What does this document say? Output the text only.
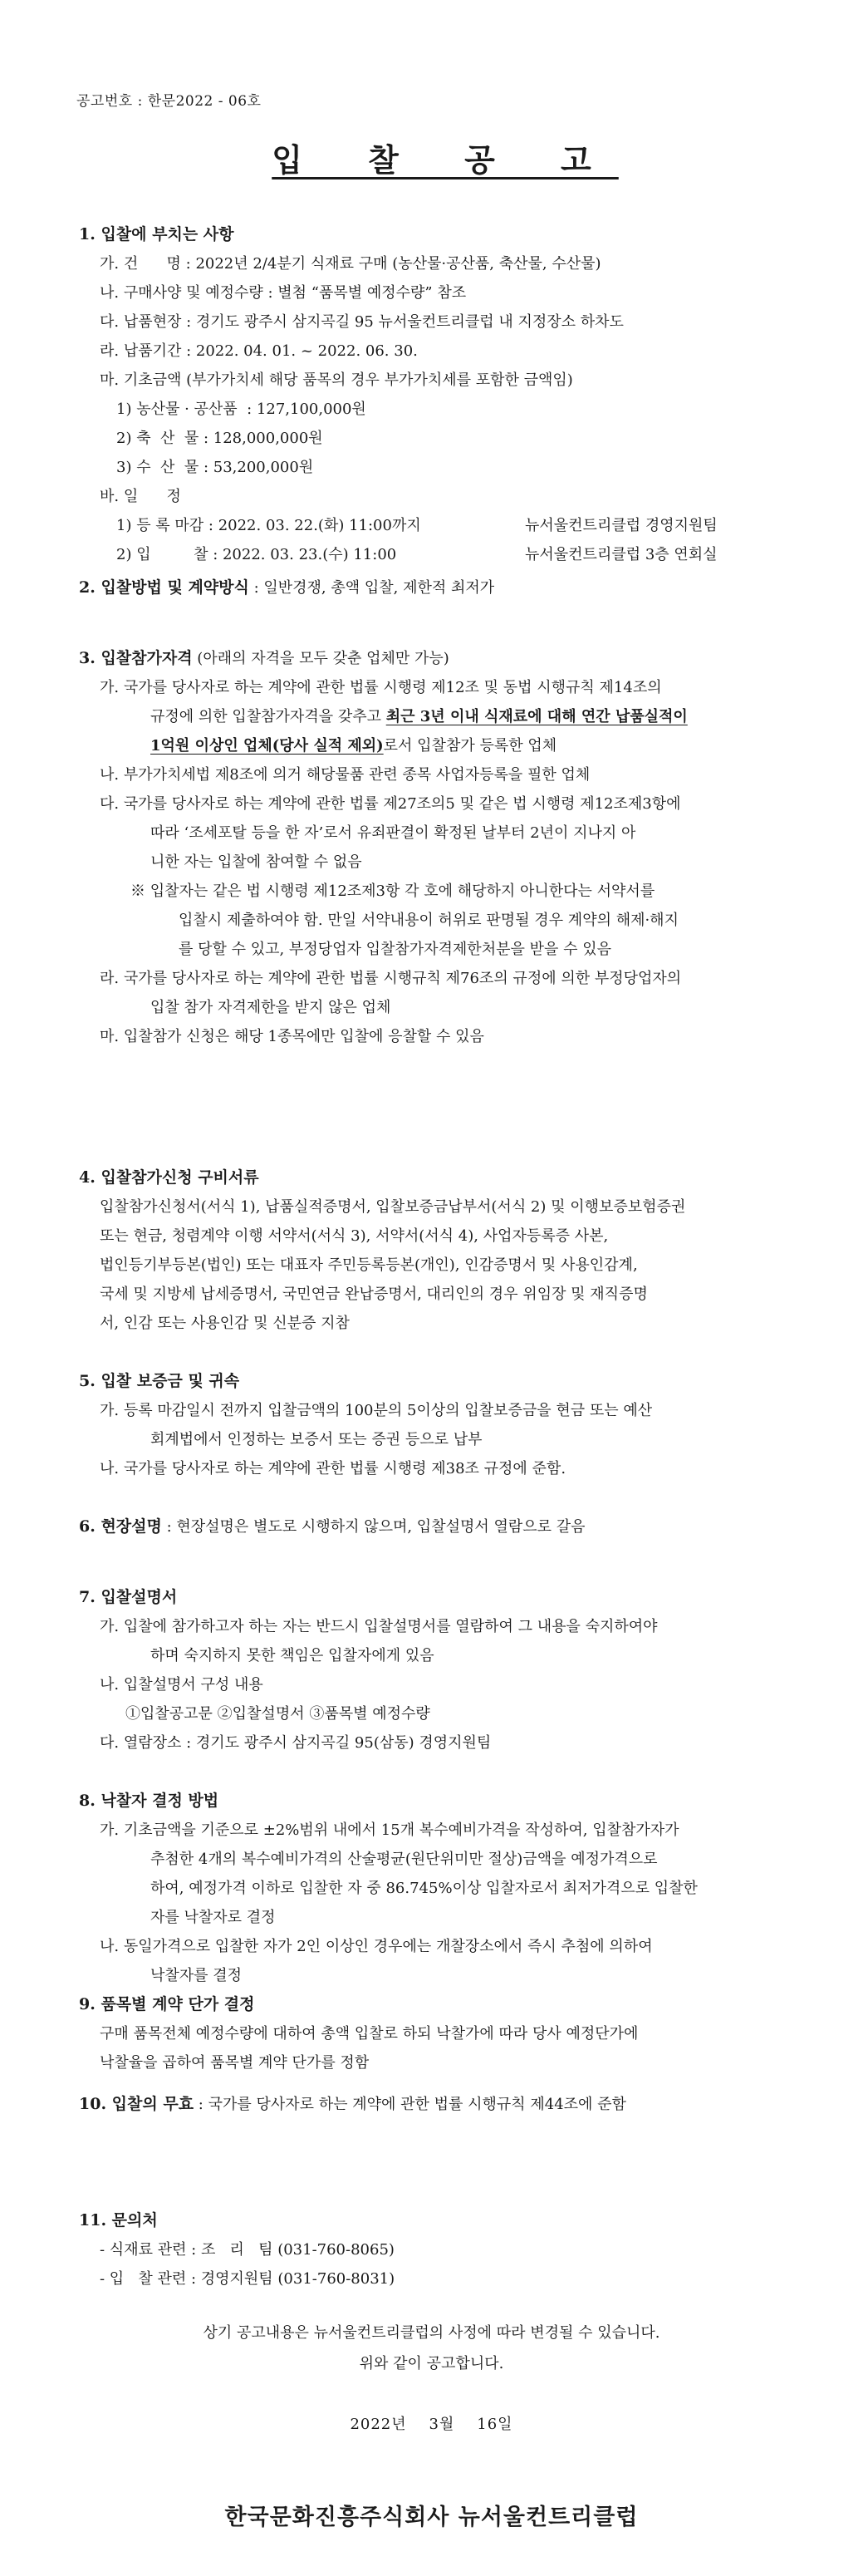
공고번호 : 한문2022 - 06호
입 찰 공 고
1. 입찰에 부치는 사항
가. 건      명 : 2022년 2/4분기 식재료 구매 (농산물·공산품, 축산물, 수산물)
나. 구매사양 및 예정수량 : 별첨 “품목별 예정수량” 참조
다. 납품현장 : 경기도 광주시 삼지곡길 95 뉴서울컨트리클럽 내 지정장소 하차도
라. 납품기간 : 2022. 04. 01. ~ 2022. 06. 30.
마. 기초금액 (부가가치세 해당 품목의 경우 부가가치세를 포함한 금액임)
1) 농산물 · 공산품  : 127,100,000원
2) 축  산  물 : 128,000,000원
3) 수  산  물 : 53,200,000원
바. 일      정
1) 등 록 마감 : 2022. 03. 22.(화) 11:00까지	뉴서울컨트리클럽 경영지원팀
2) 입         찰 : 2022. 03. 23.(수) 11:00	뉴서울컨트리클럽 3층 연회실
2. 입찰방법 및 계약방식 : 일반경쟁, 총액 입찰, 제한적 최저가
3. 입찰참가자격 (아래의 자격을 모두 갖춘 업체만 가능)
가. 국가를 당사자로 하는 계약에 관한 법률 시행령 제12조 및 동법 시행규칙 제14조의
규정에 의한 입찰참가자격을 갖추고 최근 3년 이내 식재료에 대해 연간 납품실적이
1억원 이상인 업체(당사 실적 제외)로서 입찰참가 등록한 업체
나. 부가가치세법 제8조에 의거 해당물품 관련 종목 사업자등록을 필한 업체
다. 국가를 당사자로 하는 계약에 관한 법률 제27조의5 및 같은 법 시행령 제12조제3항에
따라 ‘조세포탈 등을 한 자’로서 유죄판결이 확정된 날부터 2년이 지나지 아
니한 자는 입찰에 참여할 수 없음
※ 입찰자는 같은 법 시행령 제12조제3항 각 호에 해당하지 아니한다는 서약서를
입찰시 제출하여야 함. 만일 서약내용이 허위로 판명될 경우 계약의 해제·해지
를 당할 수 있고, 부정당업자 입찰참가자격제한처분을 받을 수 있음
라. 국가를 당사자로 하는 계약에 관한 법률 시행규칙 제76조의 규정에 의한 부정당업자의
입찰 참가 자격제한을 받지 않은 업체
마. 입찰참가 신청은 해당 1종목에만 입찰에 응찰할 수 있음
4. 입찰참가신청 구비서류
입찰참가신청서(서식 1), 납품실적증명서, 입찰보증금납부서(서식 2) 및 이행보증보험증권
또는 현금, 청렴계약 이행 서약서(서식 3), 서약서(서식 4), 사업자등록증 사본,
법인등기부등본(법인) 또는 대표자 주민등록등본(개인), 인감증명서 및 사용인감계,
국세 및 지방세 납세증명서, 국민연금 완납증명서, 대리인의 경우 위임장 및 재직증명
서, 인감 또는 사용인감 및 신분증 지참
5. 입찰 보증금 및 귀속
가. 등록 마감일시 전까지 입찰금액의 100분의 5이상의 입찰보증금을 현금 또는 예산
회계법에서 인정하는 보증서 또는 증권 등으로 납부
나. 국가를 당사자로 하는 계약에 관한 법률 시행령 제38조 규정에 준함.
6. 현장설명 : 현장설명은 별도로 시행하지 않으며, 입찰설명서 열람으로 갈음
7. 입찰설명서
가. 입찰에 참가하고자 하는 자는 반드시 입찰설명서를 열람하여 그 내용을 숙지하여야
하며 숙지하지 못한 책임은 입찰자에게 있음
나. 입찰설명서 구성 내용
①입찰공고문 ②입찰설명서 ③품목별 예정수량
다. 열람장소 : 경기도 광주시 삼지곡길 95(삼동) 경영지원팀
8. 낙찰자 결정 방법
가. 기초금액을 기준으로 ±2%범위 내에서 15개 복수예비가격을 작성하여, 입찰참가자가
추첨한 4개의 복수예비가격의 산술평균(원단위미만 절상)금액을 예정가격으로
하여, 예정가격 이하로 입찰한 자 중 86.745%이상 입찰자로서 최저가격으로 입찰한
자를 낙찰자로 결정
나. 동일가격으로 입찰한 자가 2인 이상인 경우에는 개찰장소에서 즉시 추첨에 의하여
낙찰자를 결정
9. 품목별 계약 단가 결정
구매 품목전체 예정수량에 대하여 총액 입찰로 하되 낙찰가에 따라 당사 예정단가에
낙찰율을 곱하여 품목별 계약 단가를 정함
10. 입찰의 무효 : 국가를 당사자로 하는 계약에 관한 법률 시행규칙 제44조에 준함
11. 문의처
- 식재료 관련 : 조   리   팀 (031-760-8065)
- 입   찰 관련 : 경영지원팀 (031-760-8031)
상기 공고내용은 뉴서울컨트리클럽의 사정에 따라 변경될 수 있습니다.
위와 같이 공고합니다.
2022년    3월    16일
한국문화진흥주식회사 뉴서울컨트리클럽
